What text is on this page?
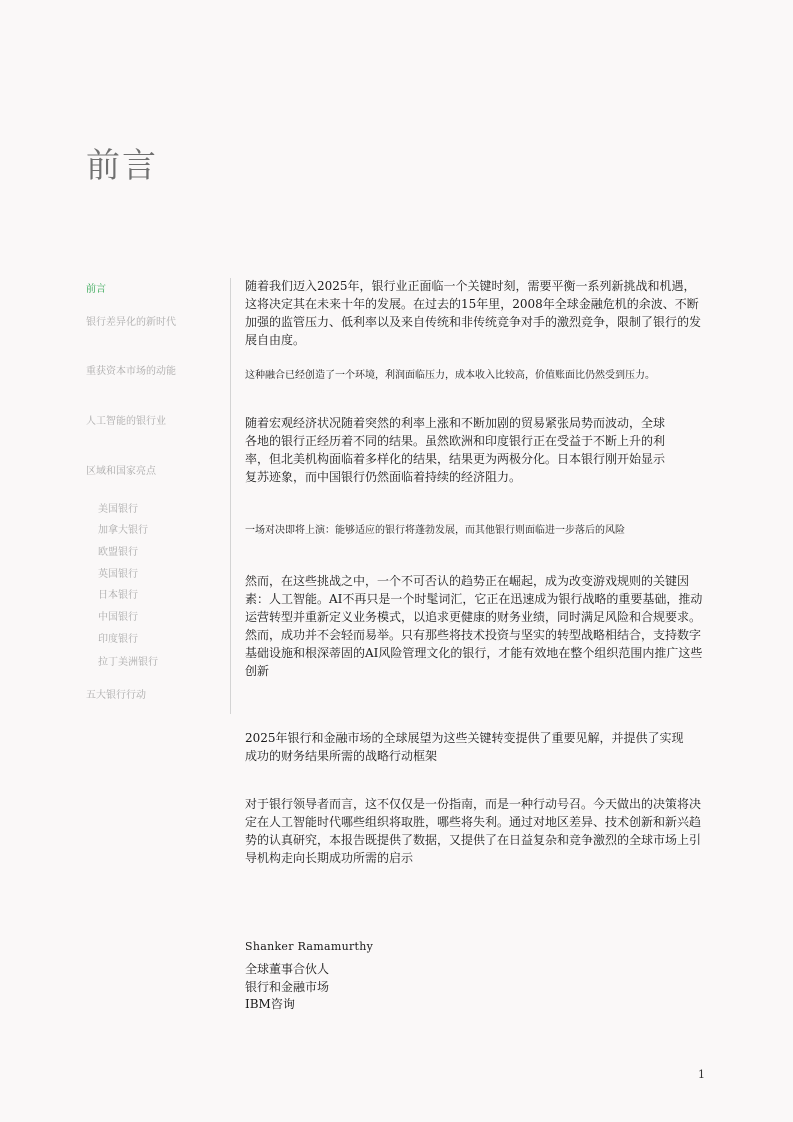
前言
前言
银行差异化的新时代
重获资本市场的动能
人工智能的银行业
区域和国家亮点
美国银行
加拿大银行
欧盟银行
英国银行
日本银行
中国银行
印度银行
拉丁美洲银行
五大银行行动

随着我们迈入2025年，银行业正面临一个关键时刻，需要平衡一系列新挑战和机遇，这将决定其在未来十年的发展。在过去的15年里，2008年全球金融危机的余波、不断加强的监管压力、低利率以及来自传统和非传统竞争对手的激烈竞争，限制了银行的发展自由度。

这种融合已经创造了一个环境，利润面临压力，成本收入比较高，价值账面比仍然受到压力。

随着宏观经济状况随着突然的利率上涨和不断加剧的贸易紧张局势而波动，全球各地的银行正经历着不同的结果。虽然欧洲和印度银行正在受益于不断上升的利率，但北美机构面临着多样化的结果，结果更为两极分化。日本银行刚开始显示复苏迹象，而中国银行仍然面临着持续的经济阻力。

一场对决即将上演：能够适应的银行将蓬勃发展，而其他银行则面临进一步落后的风险

然而，在这些挑战之中，一个不可否认的趋势正在崛起，成为改变游戏规则的关键因素：人工智能。AI不再只是一个时髦词汇，它正在迅速成为银行战略的重要基础，推动运营转型并重新定义业务模式，以追求更健康的财务业绩，同时满足风险和合规要求。然而，成功并不会轻而易举。只有那些将技术投资与坚实的转型战略相结合，支持数字基础设施和根深蒂固的AI风险管理文化的银行，才能有效地在整个组织范围内推广这些创新

2025年银行和金融市场的全球展望为这些关键转变提供了重要见解，并提供了实现成功的财务结果所需的战略行动框架

对于银行领导者而言，这不仅仅是一份指南，而是一种行动号召。今天做出的决策将决定在人工智能时代哪些组织将取胜，哪些将失利。通过对地区差异、技术创新和新兴趋势的认真研究，本报告既提供了数据，又提供了在日益复杂和竞争激烈的全球市场上引导机构走向长期成功所需的启示

Shanker Ramamurthy
全球董事合伙人
银行和金融市场
IBM咨询
1
